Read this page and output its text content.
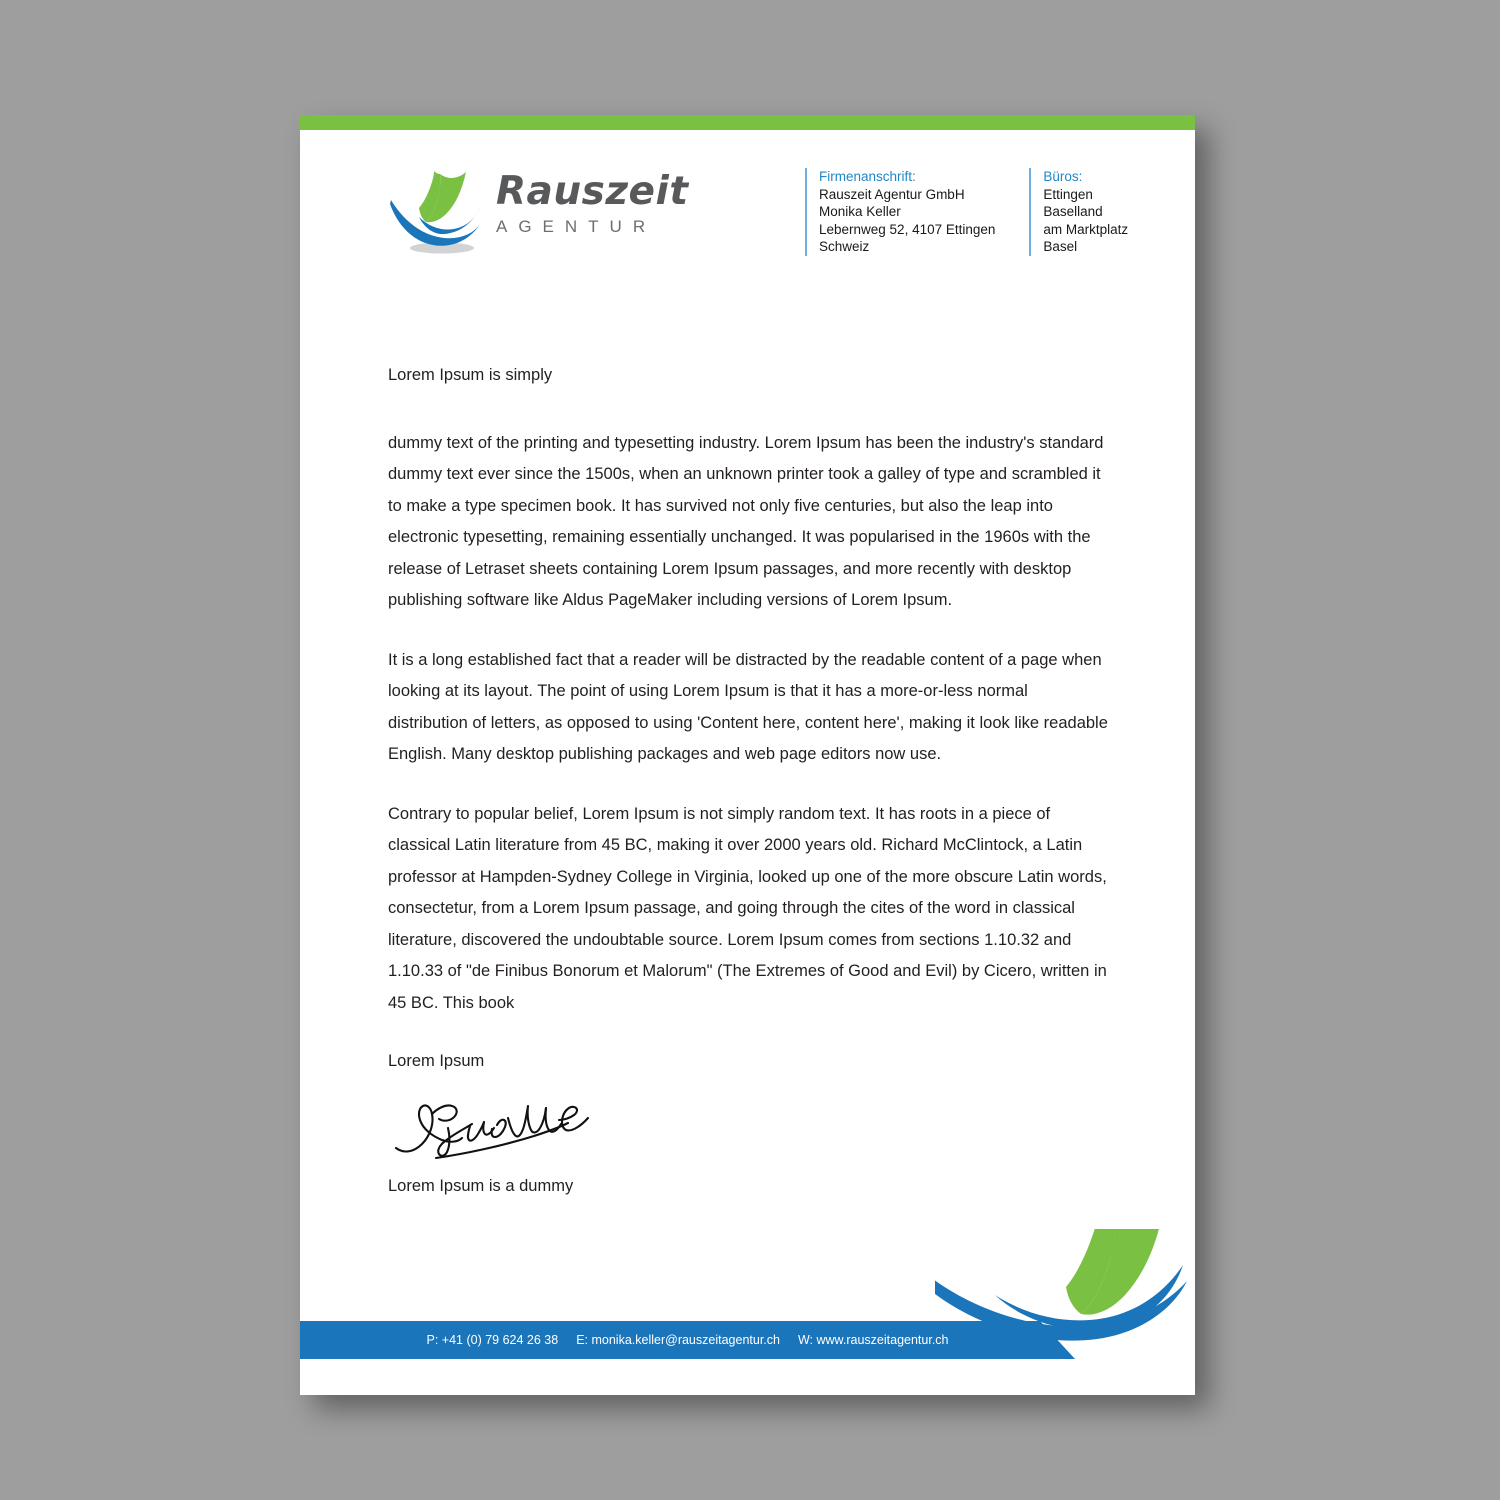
Rauszeit
AGENTUR
Firmenanschrift:
Rauszeit Agentur GmbH
Monika Keller
Lebernweg 52, 4107 Ettingen
Schweiz
Büros:
Ettingen
Baselland
am Marktplatz
Basel
Lorem Ipsum is simply
dummy text of the printing and typesetting industry. Lorem Ipsum has been the industry's standard dummy text ever since the 1500s, when an unknown printer took a galley of type and scrambled it to make a type specimen book. It has survived not only five centuries, but also the leap into electronic typesetting, remaining essentially unchanged. It was popularised in the 1960s with the release of Letraset sheets containing Lorem Ipsum passages, and more recently with desktop publishing software like Aldus PageMaker including versions of Lorem Ipsum.
It is a long established fact that a reader will be distracted by the readable content of a page when looking at its layout. The point of using Lorem Ipsum is that it has a more-or-less normal distribution of letters, as opposed to using 'Content here, content here', making it look like readable English. Many desktop publishing packages and web page editors now use.
Contrary to popular belief, Lorem Ipsum is not simply random text. It has roots in a piece of classical Latin literature from 45 BC, making it over 2000 years old. Richard McClintock, a Latin professor at Hampden-Sydney College in Virginia, looked up one of the more obscure Latin words, consectetur, from a Lorem Ipsum passage, and going through the cites of the word in classical literature, discovered the undoubtable source. Lorem Ipsum comes from sections 1.10.32 and 1.10.33 of "de Finibus Bonorum et Malorum" (The Extremes of Good and Evil) by Cicero, written in 45 BC. This book
Lorem Ipsum
Lorem Ipsum is a dummy
P: +41 (0) 79 624 26 38 E: monika.keller@rauszeitagentur.ch W: www.rauszeitagentur.ch
